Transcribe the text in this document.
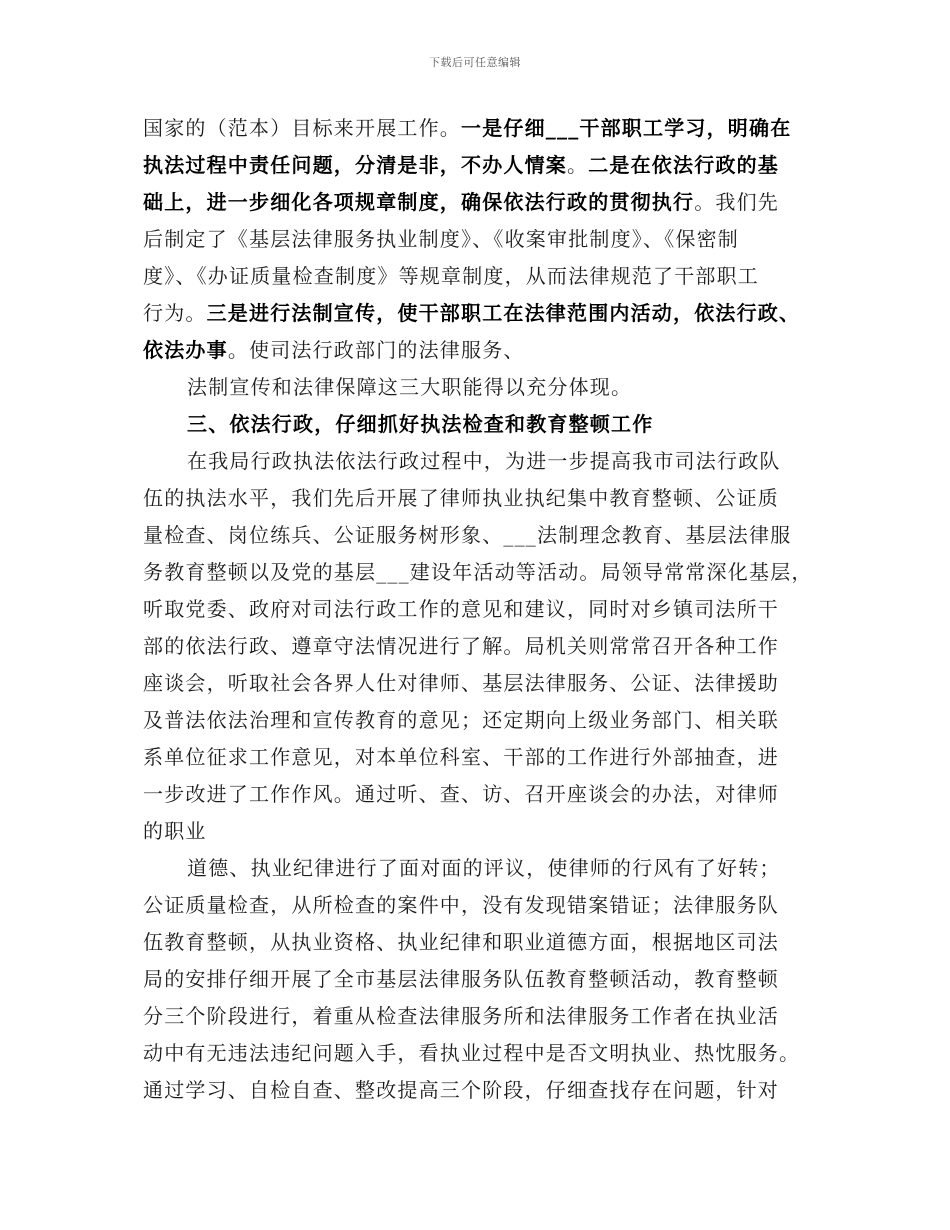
下载后可任意编辑
国家的（范本）目标来开展工作。一是仔细___干部职工学习，明确在
执法过程中责任问题，分清是非，不办人情案。二是在依法行政的基
础上，进一步细化各项规章制度，确保依法行政的贯彻执行。我们先
后制定了《基层法律服务执业制度》、《收案审批制度》、《保密制
度》、《办证质量检查制度》等规章制度，从而法律规范了干部职工
行为。三是进行法制宣传，使干部职工在法律范围内活动，依法行政、
依法办事。使司法行政部门的法律服务、
法制宣传和法律保障这三大职能得以充分体现。
三、依法行政，仔细抓好执法检查和教育整顿工作
在我局行政执法依法行政过程中，为进一步提高我市司法行政队
伍的执法水平，我们先后开展了律师执业执纪集中教育整顿、公证质
量检查、岗位练兵、公证服务树形象、___法制理念教育、基层法律服
务教育整顿以及党的基层___建设年活动等活动。局领导常常深化基层，
听取党委、政府对司法行政工作的意见和建议，同时对乡镇司法所干
部的依法行政、遵章守法情况进行了解。局机关则常常召开各种工作
座谈会，听取社会各界人仕对律师、基层法律服务、公证、法律援助
及普法依法治理和宣传教育的意见；还定期向上级业务部门、相关联
系单位征求工作意见，对本单位科室、干部的工作进行外部抽查，进
一步改进了工作作风。通过听、查、访、召开座谈会的办法，对律师
的职业
道德、执业纪律进行了面对面的评议，使律师的行风有了好转；
公证质量检查，从所检查的案件中，没有发现错案错证；法律服务队
伍教育整顿，从执业资格、执业纪律和职业道德方面，根据地区司法
局的安排仔细开展了全市基层法律服务队伍教育整顿活动，教育整顿
分三个阶段进行，着重从检查法律服务所和法律服务工作者在执业活
动中有无违法违纪问题入手，看执业过程中是否文明执业、热忱服务。
通过学习、自检自查、整改提高三个阶段，仔细查找存在问题，针对
